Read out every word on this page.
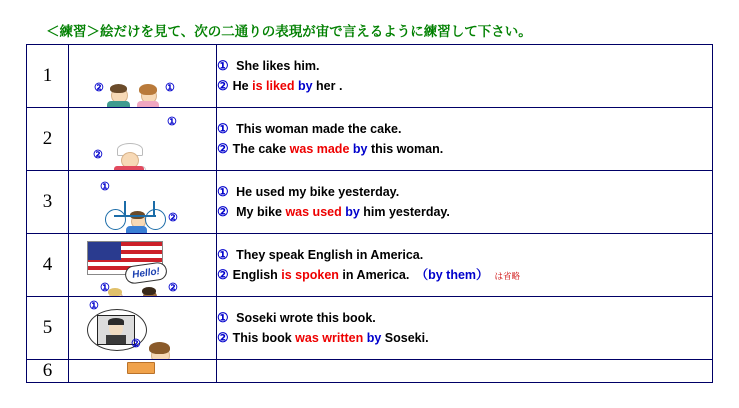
＜練習＞絵だけを見て、次の二通りの表現が宙で言えるように練習して下さい。
1	
②	①

① She likes him.
② He is liked by her .

2	
①
②

① This woman made the cake.
② The cake was made by this woman.

3	
①
②

① He used my bike yesterday.
② My bike was used by him yesterday.

4	Hello!
①	②

① They speak English in America.
② English is spoken in America.　（by them） は省略

5	
①
②

① Soseki wrote this book.
② This book was written by Soseki.

6	
